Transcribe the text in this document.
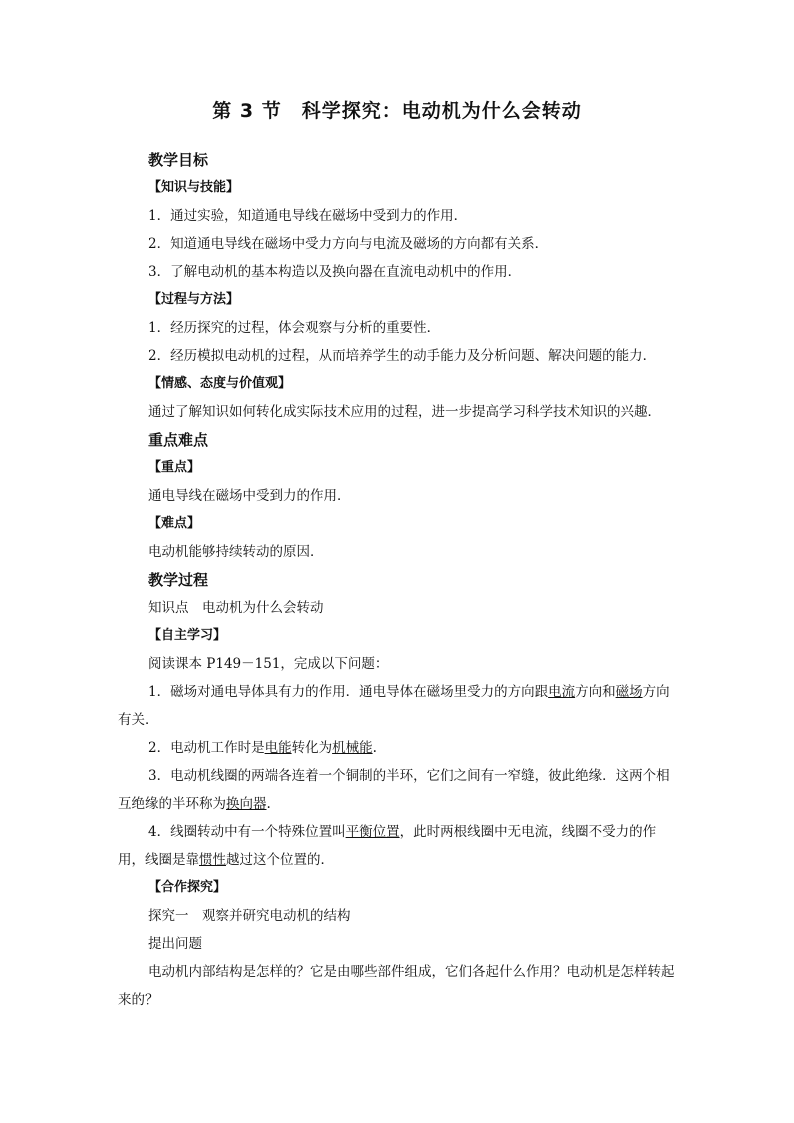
第 3 节　科学探究：电动机为什么会转动
教学目标
【知识与技能】
1．通过实验，知道通电导线在磁场中受到力的作用．
2．知道通电导线在磁场中受力方向与电流及磁场的方向都有关系．
3．了解电动机的基本构造以及换向器在直流电动机中的作用．
【过程与方法】
1．经历探究的过程，体会观察与分析的重要性．
2．经历模拟电动机的过程，从而培养学生的动手能力及分析问题、解决问题的能力．
【情感、态度与价值观】
通过了解知识如何转化成实际技术应用的过程，进一步提高学习科学技术知识的兴趣．
重点难点
【重点】
通电导线在磁场中受到力的作用．
【难点】
电动机能够持续转动的原因．
教学过程
知识点　电动机为什么会转动
【自主学习】
阅读课本 P149－151，完成以下问题：
1．磁场对通电导体具有力的作用．通电导体在磁场里受力的方向跟电流方向和磁场方向有关．
2．电动机工作时是电能转化为机械能.
3．电动机线圈的两端各连着一个铜制的半环，它们之间有一窄缝，彼此绝缘．这两个相互绝缘的半环称为换向器.
4．线圈转动中有一个特殊位置叫平衡位置，此时两根线圈中无电流，线圈不受力的作用，线圈是靠惯性越过这个位置的．
【合作探究】
探究一　观察并研究电动机的结构
提出问题
电动机内部结构是怎样的？它是由哪些部件组成，它们各起什么作用？电动机是怎样转起来的？
